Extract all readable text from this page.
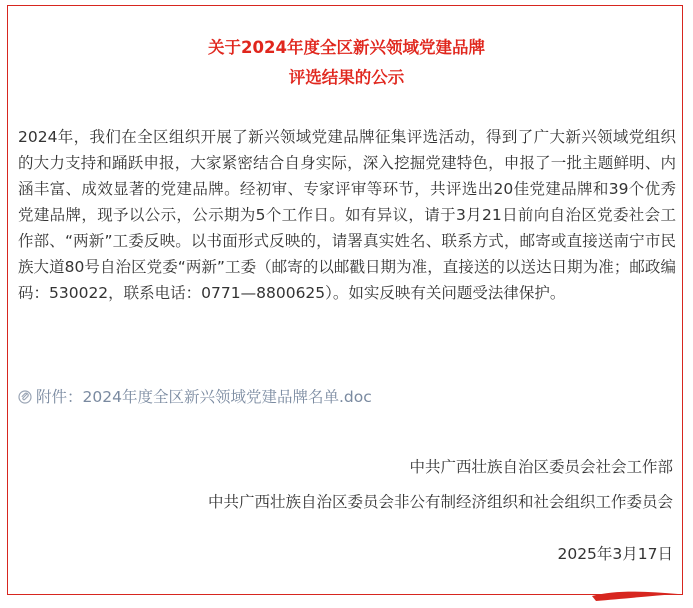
关于2024年度全区新兴领域党建品牌
评选结果的公示
2024年，我们在全区组织开展了新兴领域党建品牌征集评选活动，得到了广大新兴领域党组织的大力支持和踊跃申报，大家紧密结合自身实际，深入挖掘党建特色，申报了一批主题鲜明、内涵丰富、成效显著的党建品牌。经初审、专家评审等环节，共评选出20佳党建品牌和39个优秀党建品牌，现予以公示，公示期为5个工作日。如有异议，请于3月21日前向自治区党委社会工作部、“两新”工委反映。以书面形式反映的，请署真实姓名、联系方式，邮寄或直接送南宁市民族大道80号自治区党委“两新”工委（邮寄的以邮戳日期为准，直接送的以送达日期为准；邮政编码：530022，联系电话：0771—8800625）。如实反映有关问题受法律保护。
附件：2024年度全区新兴领域党建品牌名单.doc
中共广西壮族自治区委员会社会工作部
中共广西壮族自治区委员会非公有制经济组织和社会组织工作委员会
2025年3月17日
